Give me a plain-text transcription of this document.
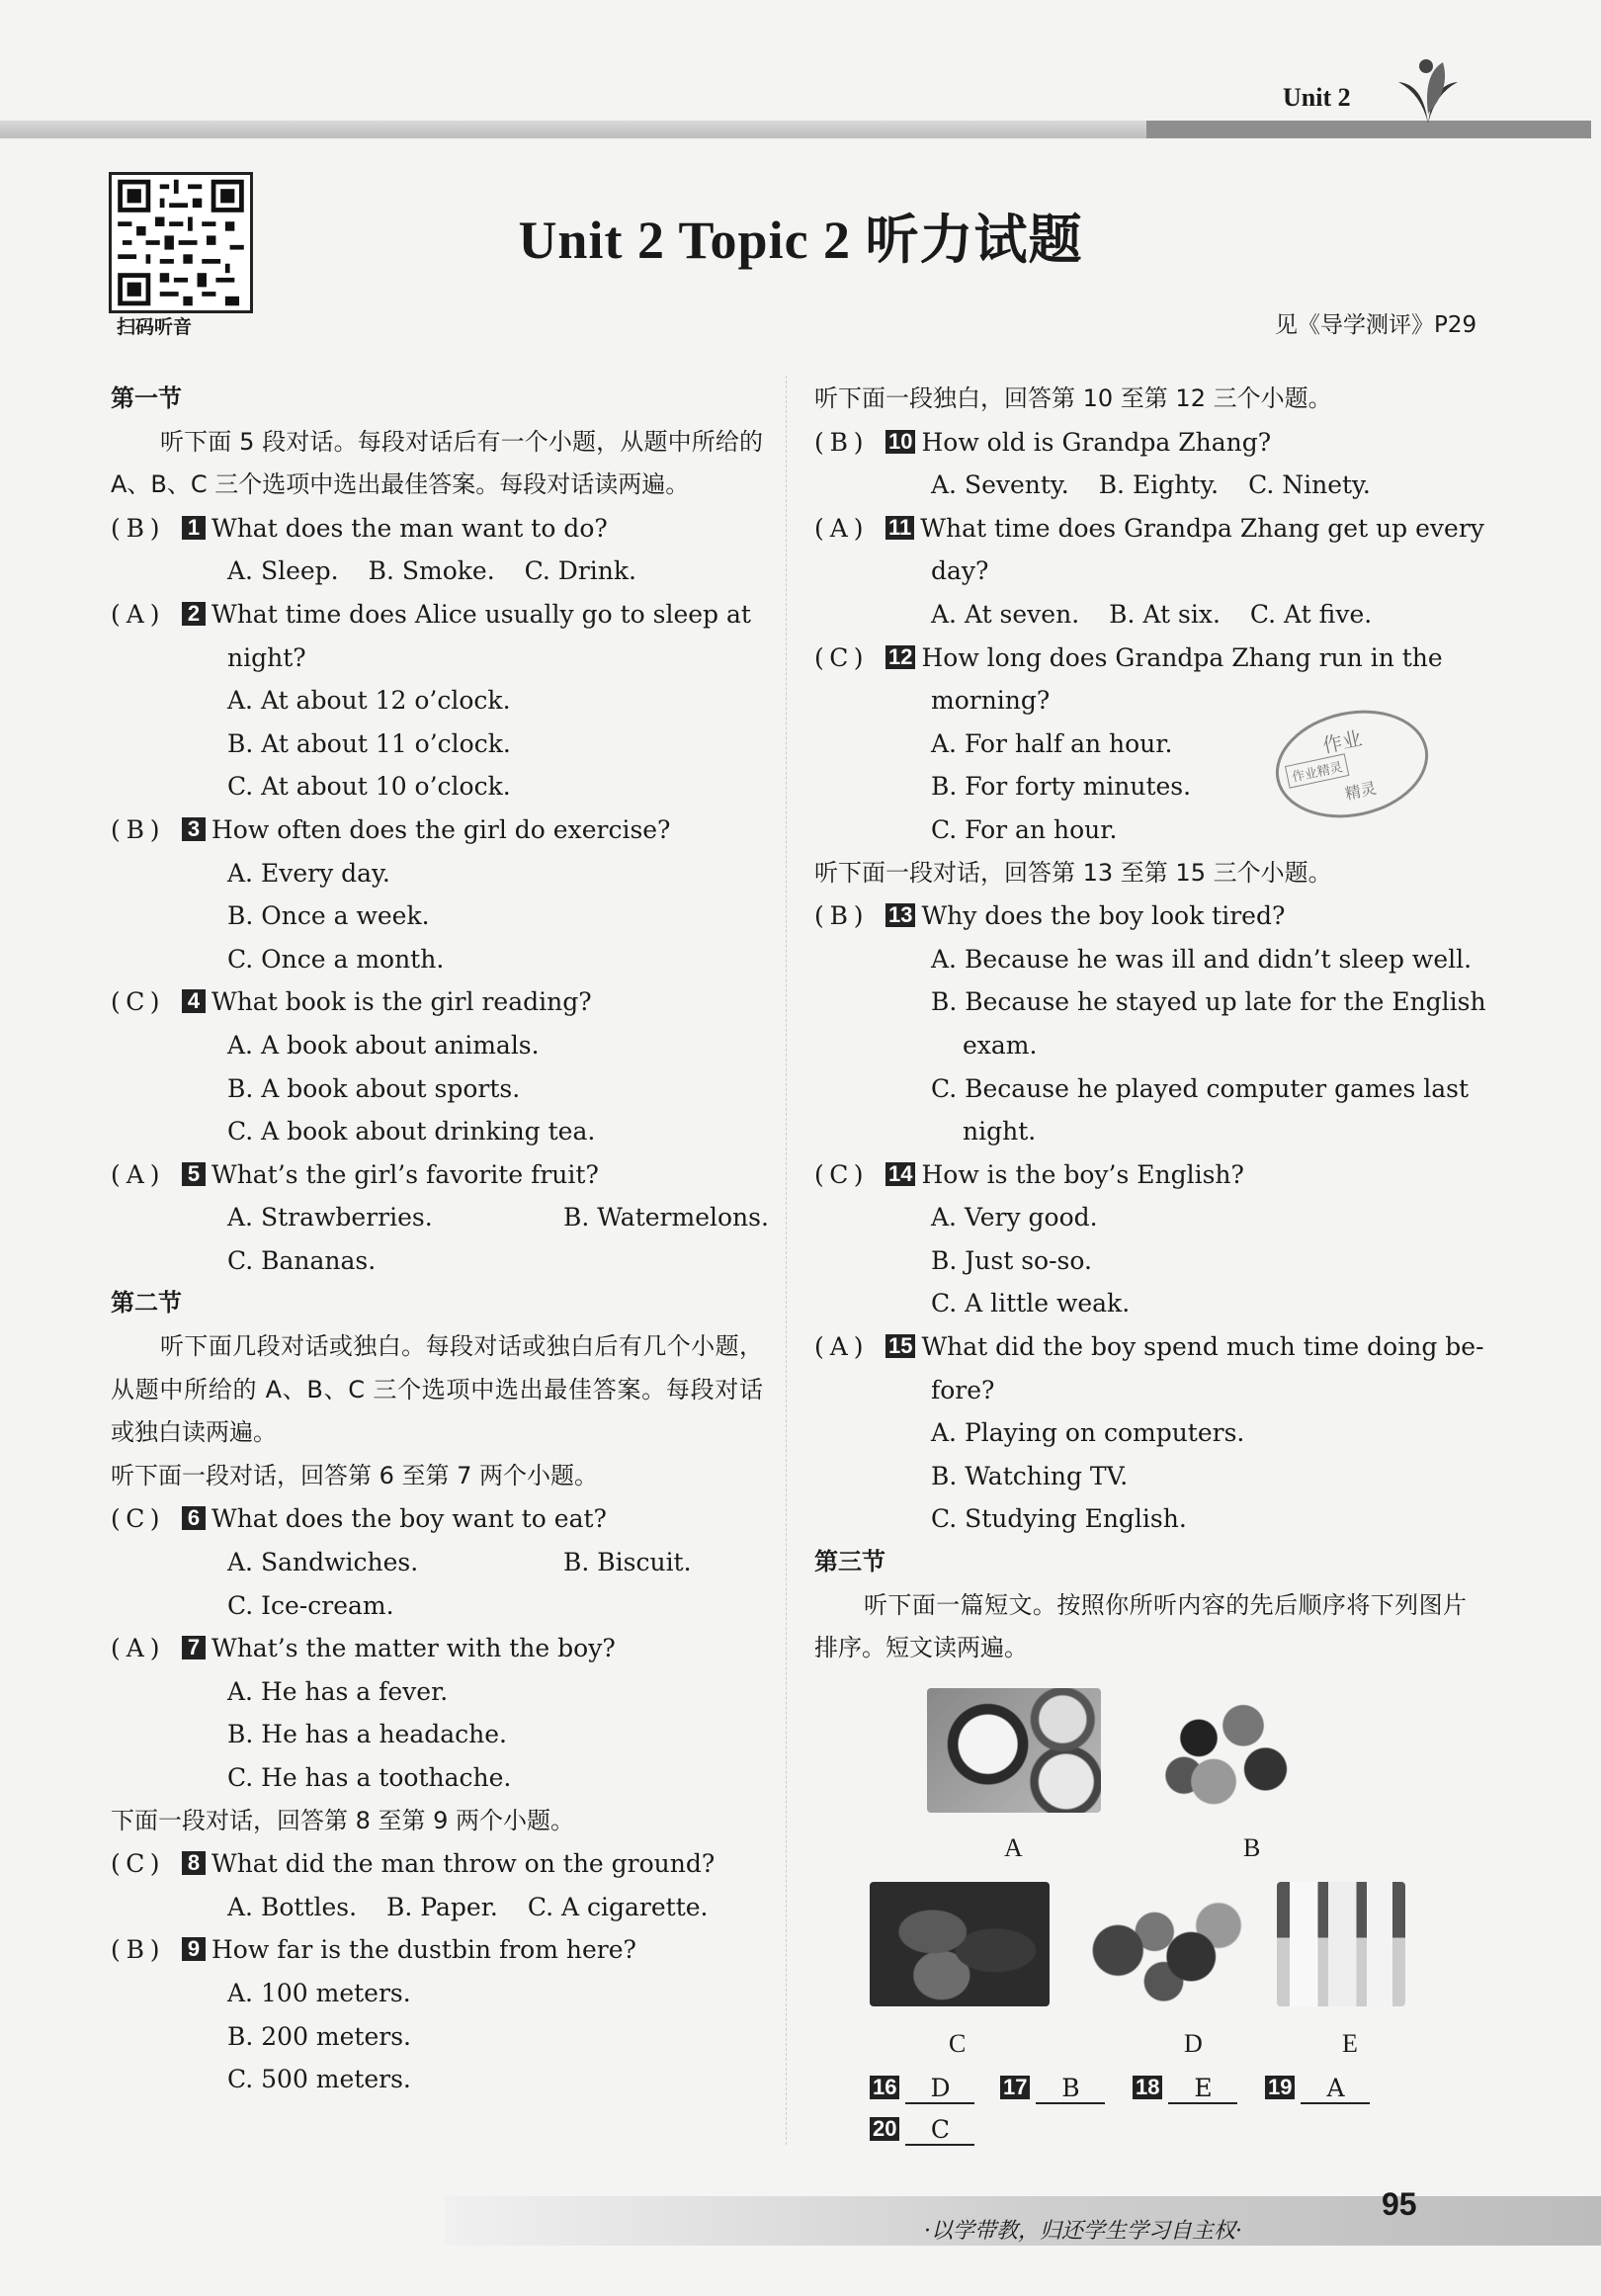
Unit 2
扫码听音
Unit 2 Topic 2 听力试题
见《导学测评》P29
第一节
听下面 5 段对话。每段对话后有一个小题，从题中所给的 A、B、C 三个选项中选出最佳答案。每段对话读两遍。
( B ) 1 What does the man want to do?
A. Sleep. B. Smoke. C. Drink.
( A ) 2 What time does Alice usually go to sleep at
night?
A. At about 12 o’clock.
B. At about 11 o’clock.
C. At about 10 o’clock.
( B ) 3 How often does the girl do exercise?
A. Every day.
B. Once a week.
C. Once a month.
( C ) 4 What book is the girl reading?
A. A book about animals.
B. A book about sports.
C. A book about drinking tea.
( A ) 5 What’s the girl’s favorite fruit?
A. Strawberries.	B. Watermelons.
C. Bananas.
第二节
听下面几段对话或独白。每段对话或独白后有几个小题，从题中所给的 A、B、C 三个选项中选出最佳答案。每段对话或独白读两遍。
听下面一段对话，回答第 6 至第 7 两个小题。
( C ) 6 What does the boy want to eat?
A. Sandwiches.	B. Biscuit.
C. Ice-cream.
( A ) 7 What’s the matter with the boy?
A. He has a fever.
B. He has a headache.
C. He has a toothache.
下面一段对话，回答第 8 至第 9 两个小题。
( C ) 8 What did the man throw on the ground?
A. Bottles. B. Paper. C. A cigarette.
( B ) 9 How far is the dustbin from here?
A. 100 meters.
B. 200 meters.
C. 500 meters.
听下面一段独白，回答第 10 至第 12 三个小题。
( B ) 10 How old is Grandpa Zhang?
A. Seventy. B. Eighty. C. Ninety.
( A ) 11 What time does Grandpa Zhang get up every
day?
A. At seven. B. At six. C. At five.
( C ) 12 How long does Grandpa Zhang run in the
morning?
A. For half an hour.
B. For forty minutes.
C. For an hour.
听下面一段对话，回答第 13 至第 15 三个小题。
( B ) 13 Why does the boy look tired?
A. Because he was ill and didn’t sleep well.
B. Because he stayed up late for the English
exam.
C. Because he played computer games last
night.
( C ) 14 How is the boy’s English?
A. Very good.
B. Just so-so.
C. A little weak.
( A ) 15 What did the boy spend much time doing be-
fore?
A. Playing on computers.
B. Watching TV.
C. Studying English.
第三节
听下面一篇短文。按照你所听内容的先后顺序将下列图片排序。短文读两遍。
作业
作业精灵
精灵
A	B
C	D	E
16 D	17 B	18 E	19 A
20 C
·以学带教，归还学生学习自主权·
95
